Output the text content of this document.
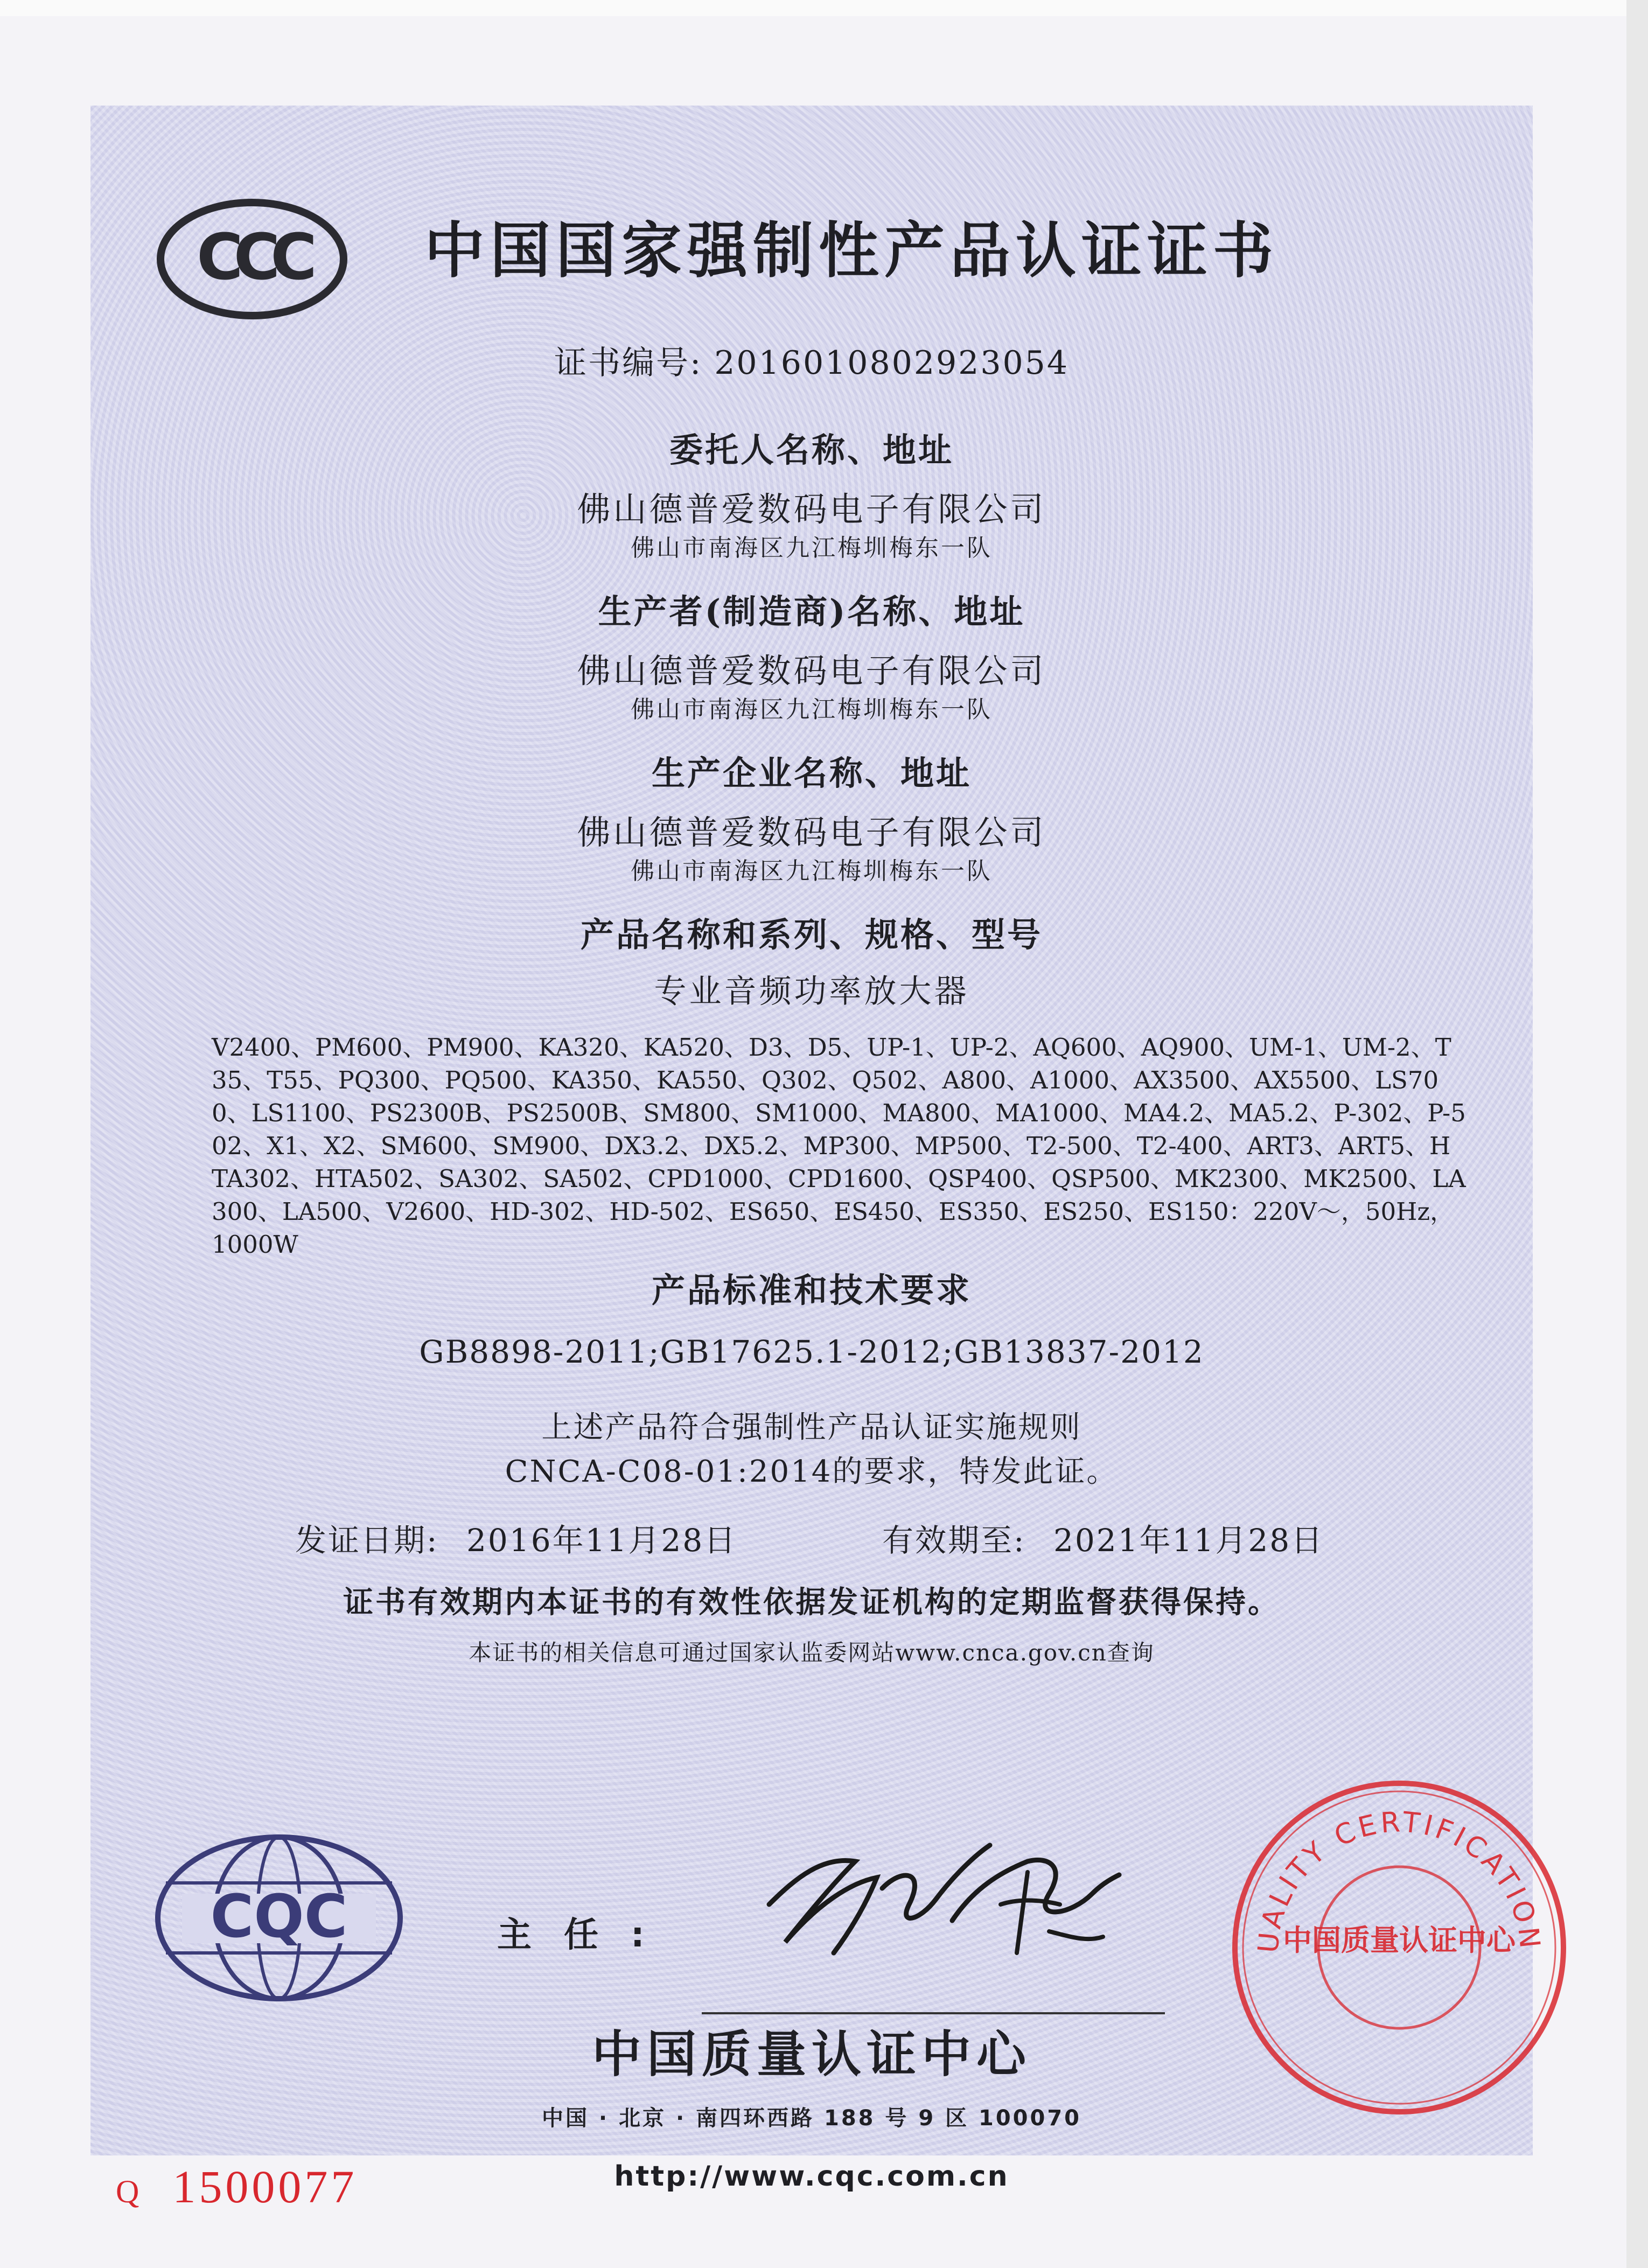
CCC 中国国家强制性产品认证证书
证书编号: 2016010802923054
委托人名称、地址
佛山德普爱数码电子有限公司
佛山市南海区九江梅圳梅东一队
生产者(制造商)名称、地址
佛山德普爱数码电子有限公司
佛山市南海区九江梅圳梅东一队
生产企业名称、地址
佛山德普爱数码电子有限公司
佛山市南海区九江梅圳梅东一队
产品名称和系列、规格、型号
专业音频功率放大器
V2400、PM600、PM900、KA320、KA520、D3、D5、UP-1、UP-2、AQ600、AQ900、UM-1、UM-2、T35、T55、PQ300、PQ500、KA350、KA550、Q302、Q502、A800、A1000、AX3500、AX5500、LS700、LS1100、PS2300B、PS2500B、SM800、SM1000、MA800、MA1000、MA4.2、MA5.2、P-302、P-502、X1、X2、SM600、SM900、DX3.2、DX5.2、MP300、MP500、T2-500、T2-400、ART3、ART5、HTA302、HTA502、SA302、SA502、CPD1000、CPD1600、QSP400、QSP500、MK2300、MK2500、LA300、LA500、V2600、HD-302、HD-502、ES650、ES450、ES350、ES250、ES150：220V～，50Hz，1000W
产品标准和技术要求
GB8898-2011;GB17625.1-2012;GB13837-2012
上述产品符合强制性产品认证实施规则
CNCA-C08-01:2014的要求，特发此证。
发证日期: 2016年11月28日	有效期至: 2021年11月28日
证书有效期内本证书的有效性依据发证机构的定期监督获得保持。
本证书的相关信息可通过国家认监委网站www.cnca.gov.cn查询
CQC	主任:
中国质量认证中心
中国 · 北京 · 南四环西路 188 号 9 区 100070
http://www.cqc.com.cn
UALITY CERTIFICATION
中国质量认证中心
Q 1500077
